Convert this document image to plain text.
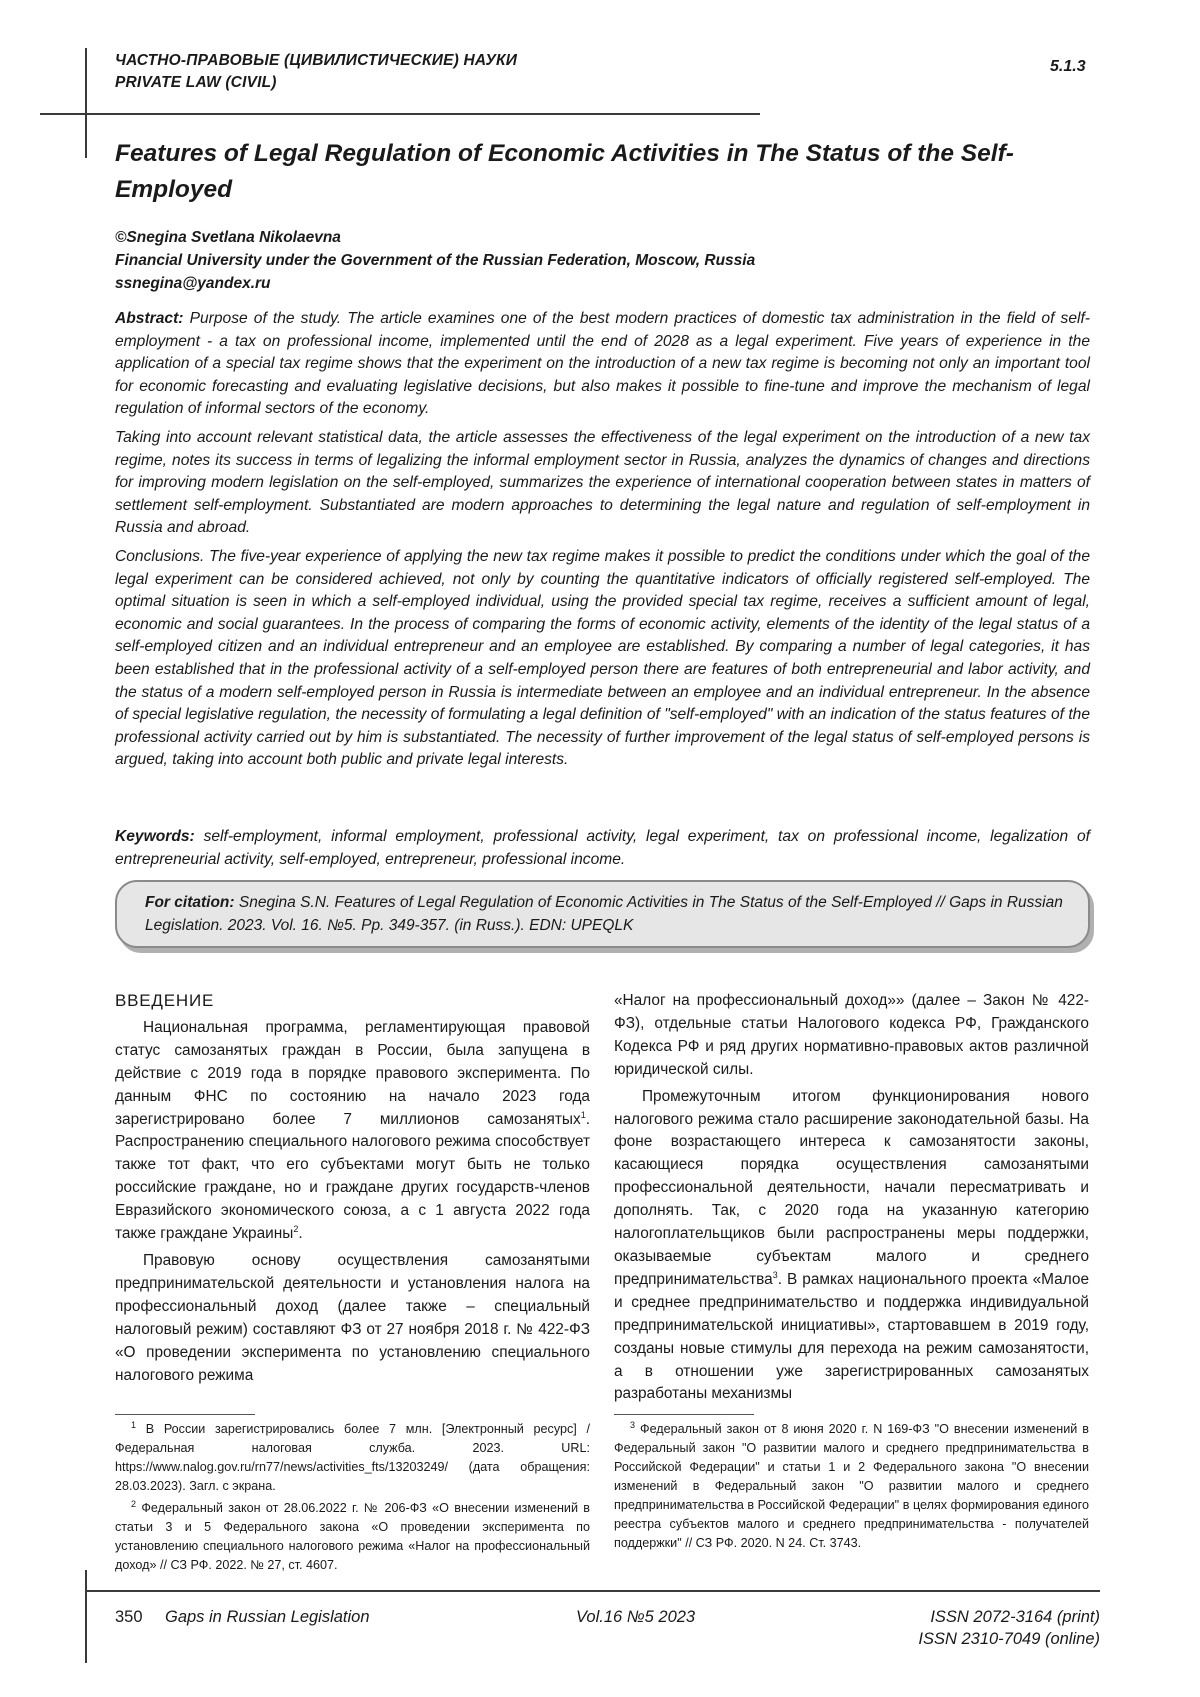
ЧАСТНО-ПРАВОВЫЕ (ЦИВИЛИСТИЧЕСКИЕ) НАУКИ
PRIVATE LAW (CIVIL)
5.1.3
Features of Legal Regulation of Economic Activities in The Status of the Self-Employed
©Snegina Svetlana Nikolaevna
Financial University under the Government of the Russian Federation, Moscow, Russia
ssnegina@yandex.ru

Abstract: Purpose of the study. The article examines one of the best modern practices of domestic tax administration in the field of self-employment - a tax on professional income, implemented until the end of 2028 as a legal experiment. Five years of experience in the application of a special tax regime shows that the experiment on the introduction of a new tax regime is becoming not only an important tool for economic forecasting and evaluating legislative decisions, but also makes it possible to fine-tune and improve the mechanism of legal regulation of informal sectors of the economy.

Taking into account relevant statistical data, the article assesses the effectiveness of the legal experiment on the introduction of a new tax regime, notes its success in terms of legalizing the informal employment sector in Russia, analyzes the dynamics of changes and directions for improving modern legislation on the self-employed, summarizes the experience of international cooperation between states in matters of settlement self-employment. Substantiated are modern approaches to determining the legal nature and regulation of self-employment in Russia and abroad.

Conclusions. The five-year experience of applying the new tax regime makes it possible to predict the conditions under which the goal of the legal experiment can be considered achieved, not only by counting the quantitative indicators of officially registered self-employed. The optimal situation is seen in which a self-employed individual, using the provided special tax regime, receives a sufficient amount of legal, economic and social guarantees. In the process of comparing the forms of economic activity, elements of the identity of the legal status of a self-employed citizen and an individual entrepreneur and an employee are established. By comparing a number of legal categories, it has been established that in the professional activity of a self-employed person there are features of both entrepreneurial and labor activity, and the status of a modern self-employed person in Russia is intermediate between an employee and an individual entrepreneur. In the absence of special legislative regulation, the necessity of formulating a legal definition of "self-employed" with an indication of the status features of the professional activity carried out by him is substantiated. The necessity of further improvement of the legal status of self-employed persons is argued, taking into account both public and private legal interests.

Keywords: self-employment, informal employment, professional activity, legal experiment, tax on professional income, legalization of entrepreneurial activity, self-employed, entrepreneur, professional income.
For citation: Snegina S.N. Features of Legal Regulation of Economic Activities in The Status of the Self-Employed // Gaps in Russian Legislation. 2023. Vol. 16. №5. Pp. 349-357. (in Russ.). EDN: UPEQLK

ВВЕДЕНИЕ

Национальная программа, регламентирующая правовой статус самозанятых граждан в России, была запущена в действие с 2019 года в порядке правового эксперимента. По данным ФНС по состоянию на начало 2023 года зарегистрировано более 7 миллионов самозанятых$^1$. Распространению специального налогового режима способствует также тот факт, что его субъектами могут быть не только российские граждане, но и граждане других государств-членов Евразийского экономического союза, а с 1 августа 2022 года также граждане Украины$^2$.

Правовую основу осуществления самозанятыми предпринимательской деятельности и установления налога на профессиональный доход (далее также – специальный налоговый режим) составляют ФЗ от 27 ноября 2018 г. № 422-ФЗ «О проведении эксперимента по установлению специального налогового режима

«Налог на профессиональный доход»» (далее – Закон № 422-ФЗ), отдельные статьи Налогового кодекса РФ, Гражданского Кодекса РФ и ряд других нормативно-правовых актов различной юридической силы.

Промежуточным итогом функционирования нового налогового режима стало расширение законодательной базы. На фоне возрастающего интереса к самозанятости законы, касающиеся порядка осуществления самозанятыми профессиональной деятельности, начали пересматривать и дополнять. Так, с 2020 года на указанную категорию налогоплательщиков были распространены меры поддержки, оказываемые субъектам малого и среднего предпринимательства$^3$. В рамках национального проекта «Малое и среднее предпринимательство и поддержка индивидуальной предпринимательской инициативы», стартовавшем в 2019 году, созданы новые стимулы для перехода на режим самозанятости, а в отношении уже зарегистрированных самозанятых разработаны механизмы

$^1$ В России зарегистрировались более 7 млн. [Электронный ресурс] / Федеральная налоговая служба. 2023. URL: https://www.nalog.gov.ru/rn77/news/activities_fts/13203249/ (дата обращения: 28.03.2023). Загл. с экрана.

$^2$ Федеральный закон от 28.06.2022 г. № 206-ФЗ «О внесении изменений в статьи 3 и 5 Федерального закона «О проведении эксперимента по установлению специального налогового режима «Налог на профессиональный доход» // СЗ РФ. 2022. № 27, ст. 4607.

$^3$ Федеральный закон от 8 июня 2020 г. N 169-ФЗ "О внесении изменений в Федеральный закон "О развитии малого и среднего предпринимательства в Российской Федерации" и статьи 1 и 2 Федерального закона "О внесении изменений в Федеральный закон "О развитии малого и среднего предпринимательства в Российской Федерации" в целях формирования единого реестра субъектов малого и среднего предпринимательства - получателей поддержки" // СЗ РФ. 2020. N 24. Ст. 3743.

350 Gaps in Russian Legislation	Vol.16 №5 2023	ISSN 2072-3164 (print)
ISSN 2310-7049 (online)
